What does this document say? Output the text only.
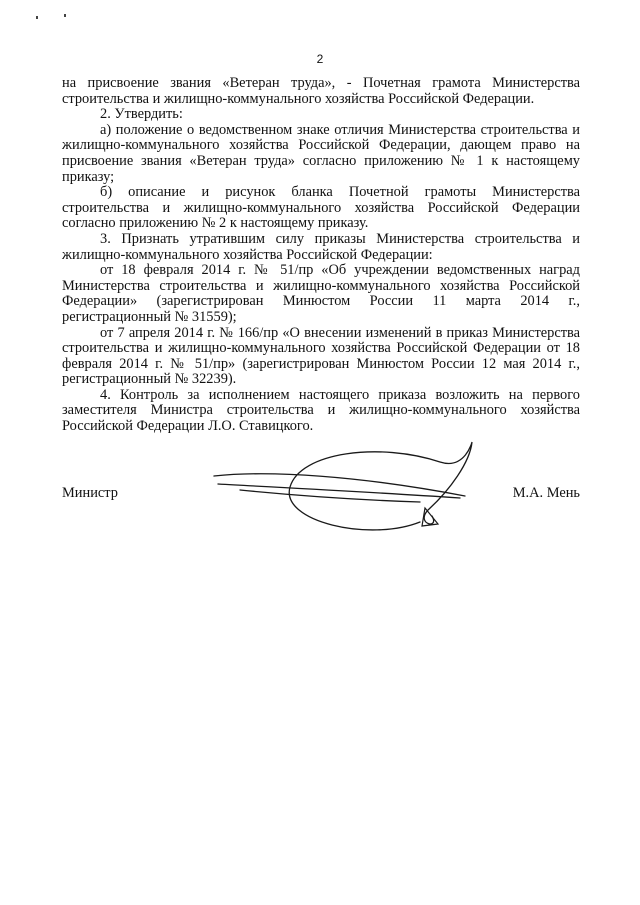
2

на присвоение звания «Ветеран труда», - Почетная грамота Министерства строительства и жилищно-коммунального хозяйства Российской Федерации.

2. Утвердить:

а) положение о ведомственном знаке отличия Министерства строительства и жилищно-коммунального хозяйства Российской Федерации, дающем право на присвоение звания «Ветеран труда» согласно приложению № 1 к настоящему приказу;

б) описание и рисунок бланка Почетной грамоты Министерства строительства и жилищно-коммунального хозяйства Российской Федерации согласно приложению № 2 к настоящему приказу.

3. Признать утратившим силу приказы Министерства строительства и жилищно-коммунального хозяйства Российской Федерации:

от 18 февраля 2014 г. № 51/пр «Об учреждении ведомственных наград Министерства строительства и жилищно-коммунального хозяйства Российской Федерации» (зарегистрирован Минюстом России 11 марта 2014 г., регистрационный № 31559);

от 7 апреля 2014 г. № 166/пр «О внесении изменений в приказ Министерства строительства и жилищно-коммунального хозяйства Российской Федерации от 18 февраля 2014 г. № 51/пр» (зарегистрирован Минюстом России 12 мая 2014 г., регистрационный № 32239).

4. Контроль за исполнением настоящего приказа возложить на первого заместителя Министра строительства и жилищно-коммунального хозяйства Российской Федерации Л.О. Ставицкого.

Министр	М.А. Мень
